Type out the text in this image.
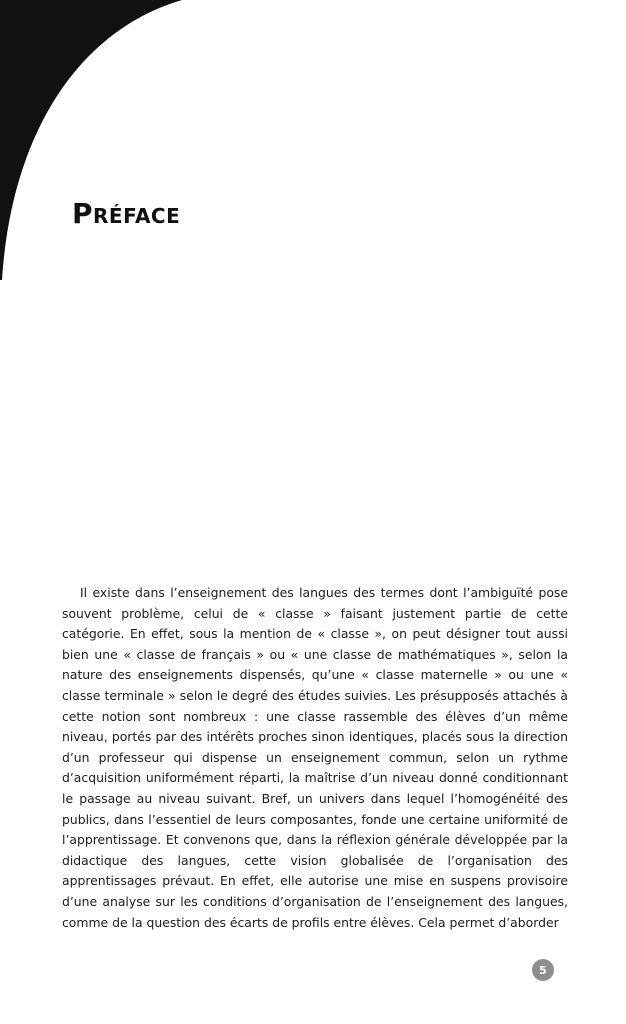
Préface

Il existe dans l’enseignement des langues des termes dont l’ambiguïté pose souvent problème, celui de « classe » faisant justement partie de cette catégorie. En effet, sous la mention de « classe », on peut désigner tout aussi bien une « classe de français » ou « une classe de mathématiques », selon la nature des enseignements dispensés, qu’une « classe maternelle » ou une « classe terminale » selon le degré des études suivies. Les présupposés attachés à cette notion sont nombreux : une classe rassemble des élèves d’un même niveau, portés par des intérêts proches sinon identiques, placés sous la direction d’un professeur qui dispense un enseignement commun, selon un rythme d’acquisition uniformément réparti, la maîtrise d’un niveau donné conditionnant le passage au niveau suivant. Bref, un univers dans lequel l’homogénéité des publics, dans l’essentiel de leurs composantes, fonde une certaine uniformité de l’apprentissage. Et convenons que, dans la réflexion générale développée par la didactique des langues, cette vision globalisée de l’organisation des apprentissages prévaut. En effet, elle autorise une mise en suspens provisoire d’une analyse sur les conditions d’organisation de l’enseignement des langues, comme de la question des écarts de profils entre élèves. Cela permet d’aborder

5
